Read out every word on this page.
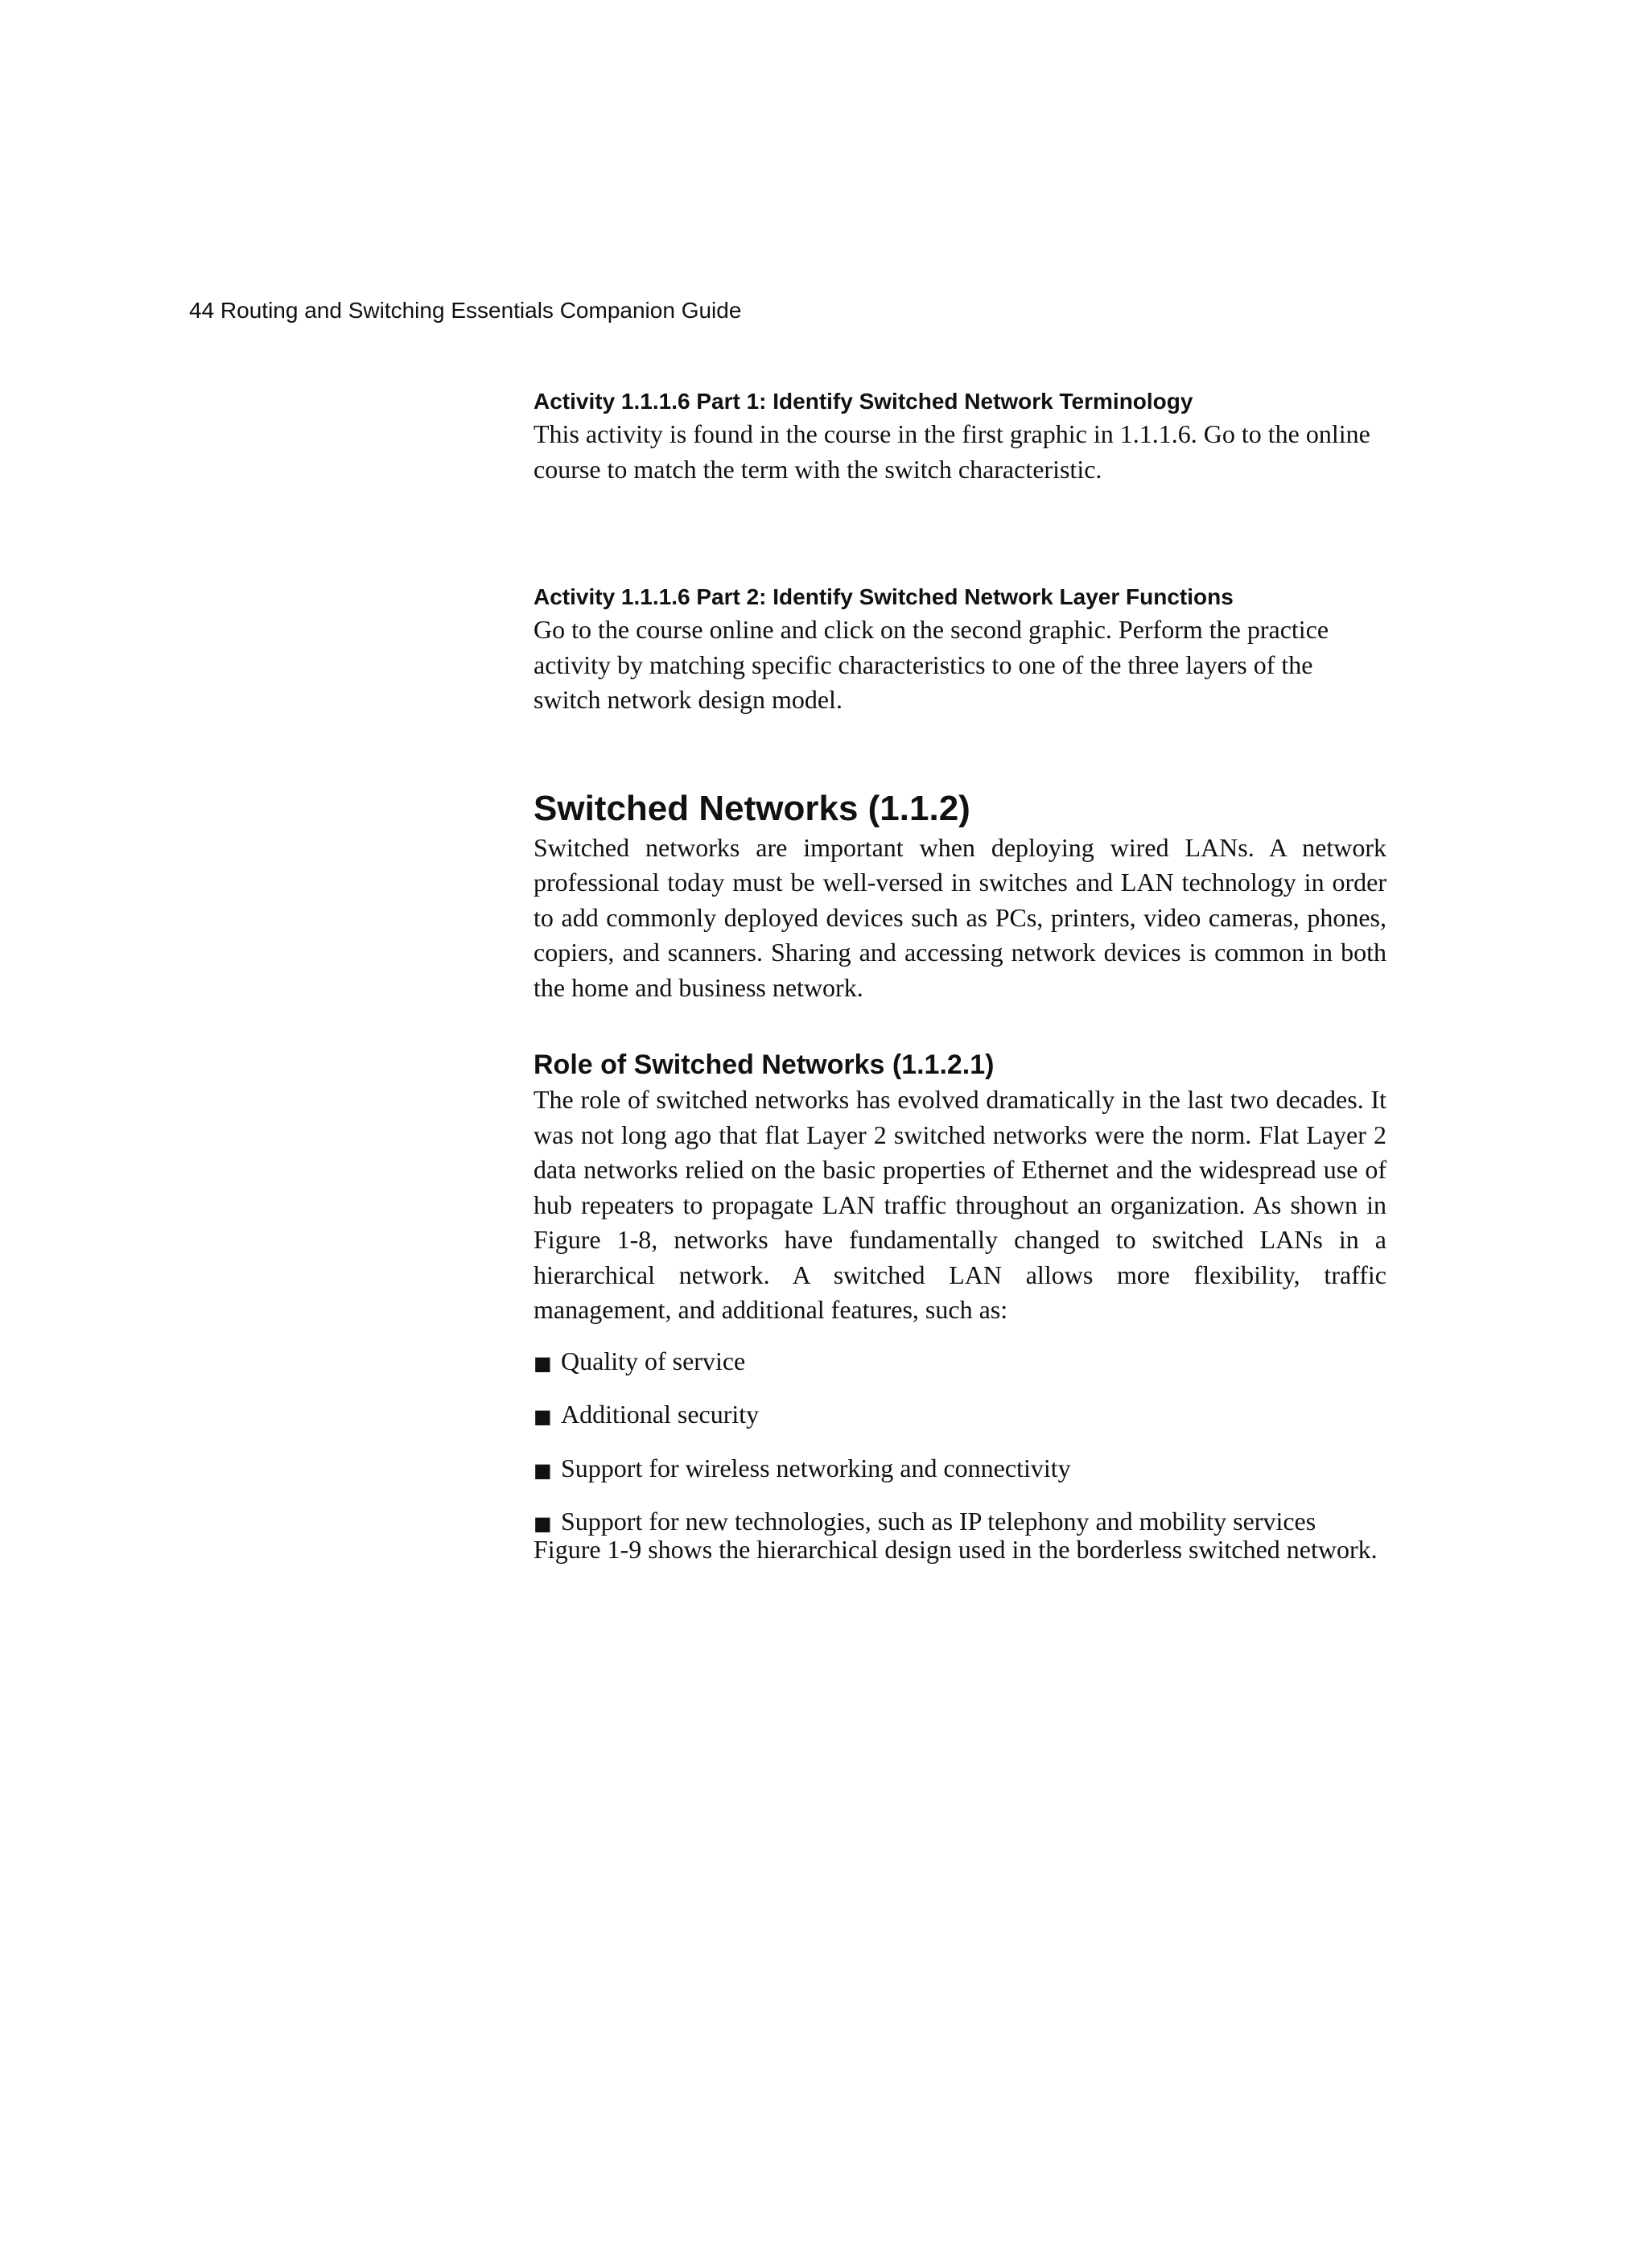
44 Routing and Switching Essentials Companion Guide
Activity 1.1.1.6 Part 1: Identify Switched Network Terminology

This activity is found in the course in the first graphic in 1.1.1.6. Go to the online course to match the term with the switch characteristic.

Activity 1.1.1.6 Part 2: Identify Switched Network Layer Functions

Go to the course online and click on the second graphic. Perform the practice activity by matching specific characteristics to one of the three layers of the switch network design model.

Switched Networks (1.1.2)

Switched networks are important when deploying wired LANs. A network professional today must be well-versed in switches and LAN technology in order to add commonly deployed devices such as PCs, printers, video cameras, phones, copiers, and scanners. Sharing and accessing network devices is common in both the home and business network.

Role of Switched Networks (1.1.2.1)

The role of switched networks has evolved dramatically in the last two decades. It was not long ago that flat Layer 2 switched networks were the norm. Flat Layer 2 data networks relied on the basic properties of Ethernet and the widespread use of hub repeaters to propagate LAN traffic throughout an organization. As shown in Figure 1-8, networks have fundamentally changed to switched LANs in a hierarchical network. A switched LAN allows more flexibility, traffic management, and additional features, such as:

■ Quality of service
■ Additional security
■ Support for wireless networking and connectivity
■ Support for new technologies, such as IP telephony and mobility services

Figure 1-9 shows the hierarchical design used in the borderless switched network.
